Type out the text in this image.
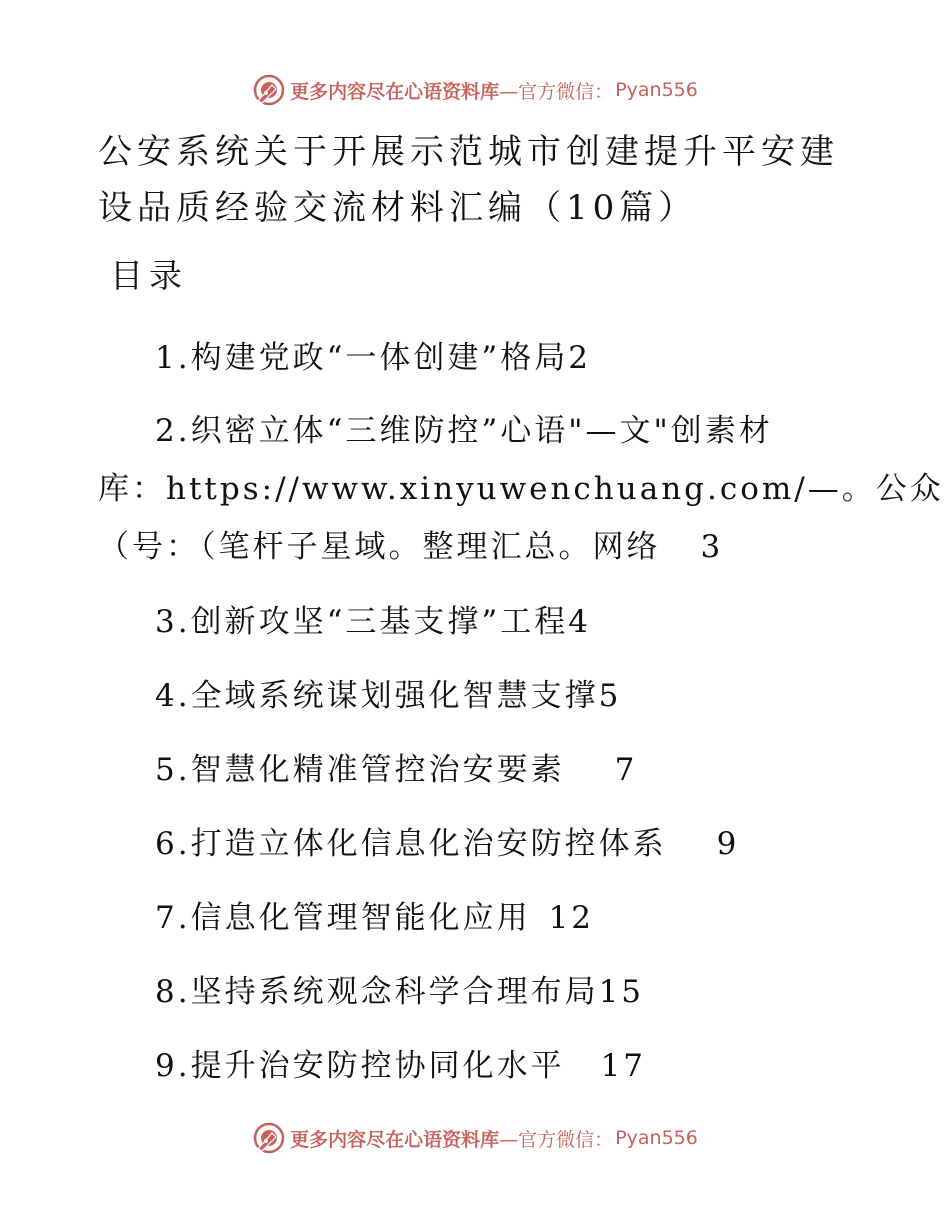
更多内容尽在心语资料库 —官方微信： Pyan556
公安系统关于开展示范城市创建提升平安建设品质经验交流材料汇编（10篇）
目录
1.构建党政“一体创建”格局2
2.织密立体“三维防控”心语"—文"创素材
库：https://www.xinyuwenchuang.com/—。公众
（号：（笔杆子星域。整理汇总。网络 3
3.创新攻坚“三基支撑”工程4
4.全域系统谋划强化智慧支撑5
5.智慧化精准管控治安要素 7
6.打造立体化信息化治安防控体系 9
7.信息化管理智能化应用 12
8.坚持系统观念科学合理布局15
9.提升治安防控协同化水平 17
更多内容尽在心语资料库 —官方微信： Pyan556
